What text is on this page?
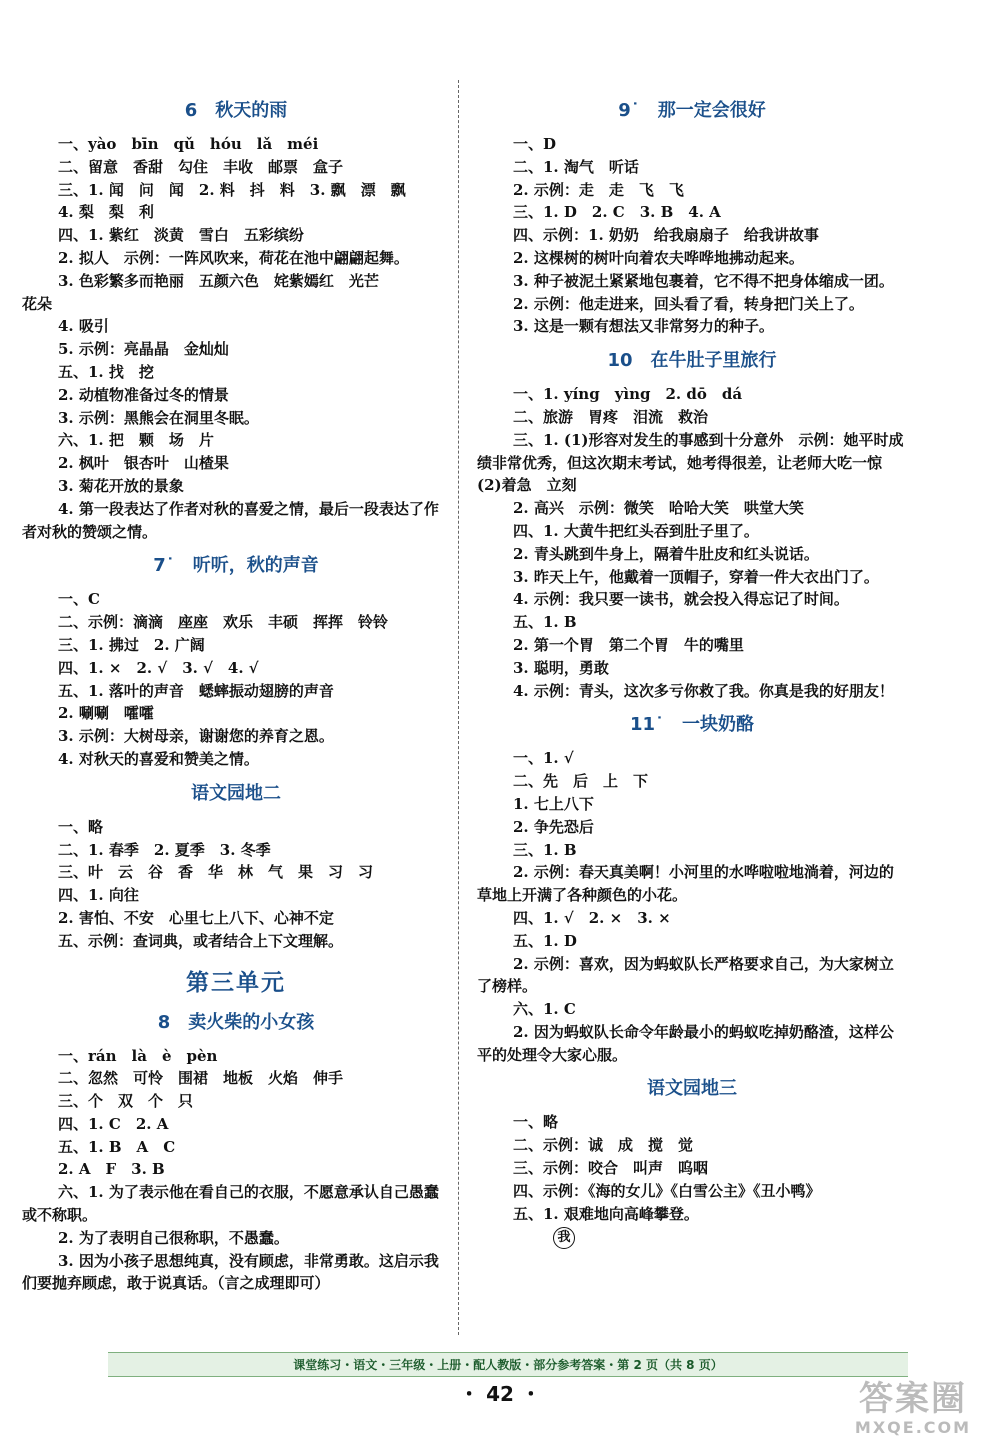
6　秋天的雨
一、yào　bīn　qǔ　hóu　lǎ　méi
二、留意　香甜　勾住　丰收　邮票　盒子
三、1. 闻　问　闻　2. 料　抖　料　3. 飘　漂　飘
4. 梨　梨　利
四、1. 紫红　淡黄　雪白　五彩缤纷
2. 拟人　示例：一阵风吹来，荷花在池中翩翩起舞。
3. 色彩繁多而艳丽　五颜六色　姹紫嫣红　光芒
花朵
4. 吸引
5. 示例：亮晶晶　金灿灿
五、1. 找　挖
2. 动植物准备过冬的情景
3. 示例：黑熊会在洞里冬眠。
六、1. 把　颗　场　片
2. 枫叶　银杏叶　山楂果
3. 菊花开放的景象
4. 第一段表达了作者对秋的喜爱之情，最后一段表达了作者对秋的赞颂之情。
7˙　听听，秋的声音
一、C
二、示例：滴滴　座座　欢乐　丰硕　挥挥　铃铃
三、1. 拂过　2. 广阔
四、1. ×　2. √　3. √　4. √
五、1. 落叶的声音　蟋蟀振动翅膀的声音
2. 唰唰　嚯嚯
3. 示例：大树母亲，谢谢您的养育之恩。
4. 对秋天的喜爱和赞美之情。
语文园地二
一、略
二、1. 春季　2. 夏季　3. 冬季
三、叶　云　谷　香　华　林　气　果　习　习
四、1. 向往
2. 害怕、不安　心里七上八下、心神不定
五、示例：查词典，或者结合上下文理解。
第三单元
8　卖火柴的小女孩
一、rán　là　è　pèn
二、忽然　可怜　围裙　地板　火焰　伸手
三、个　双　个　只
四、1. C　2. A
五、1. B　A　C
2. A　F　3. B
六、1. 为了表示他在看自己的衣服，不愿意承认自己愚蠢或不称职。
2. 为了表明自己很称职，不愚蠢。
3. 因为小孩子思想纯真，没有顾虑，非常勇敢。这启示我们要抛弃顾虑，敢于说真话。（言之成理即可）
9˙　那一定会很好
一、D
二、1. 淘气　听话
2. 示例：走　走　飞　飞
三、1. D　2. C　3. B　4. A
四、示例：1. 奶奶　给我扇扇子　给我讲故事
2. 这棵树的树叶向着农夫哗哗地拂动起来。
3. 种子被泥土紧紧地包裹着，它不得不把身体缩成一团。
2. 示例：他走进来，回头看了看，转身把门关上了。
3. 这是一颗有想法又非常努力的种子。
10　在牛肚子里旅行
一、1. yíng　yìng　2. dō　dá
二、旅游　胃疼　泪流　救治
三、1. (1)形容对发生的事感到十分意外　示例：她平时成绩非常优秀，但这次期末考试，她考得很差，让老师大吃一惊　(2)着急　立刻
2. 高兴　示例：微笑　哈哈大笑　哄堂大笑
四、1. 大黄牛把红头吞到肚子里了。
2. 青头跳到牛身上，隔着牛肚皮和红头说话。
3. 昨天上午，他戴着一顶帽子，穿着一件大衣出门了。
4. 示例：我只要一读书，就会投入得忘记了时间。
五、1. B
2. 第一个胃　第二个胃　牛的嘴里
3. 聪明，勇敢
4. 示例：青头，这次多亏你救了我。你真是我的好朋友！
11˙　一块奶酪
一、1. √
二、先　后　上　下
1. 七上八下
2. 争先恐后
三、1. B
2. 示例：春天真美啊！小河里的水哗啦啦地淌着，河边的草地上开满了各种颜色的小花。
四、1. √　2. ×　3. ×
五、1. D
2. 示例：喜欢，因为蚂蚁队长严格要求自己，为大家树立了榜样。
六、1. C
2. 因为蚂蚁队长命令年龄最小的蚂蚁吃掉奶酪渣，这样公平的处理令大家心服。
语文园地三
一、略
二、示例：诚　成　搅　觉
三、示例：咬合　叫声　呜咽
四、示例：《海的女儿》《白雪公主》《丑小鸭》
五、1. 艰难地向高峰攀登。
我
课堂练习・语文・三年级・上册・配人教版・部分参考答案・第 2 页（共 8 页）
・ 42 ・	答案圈
MXQE.COM
